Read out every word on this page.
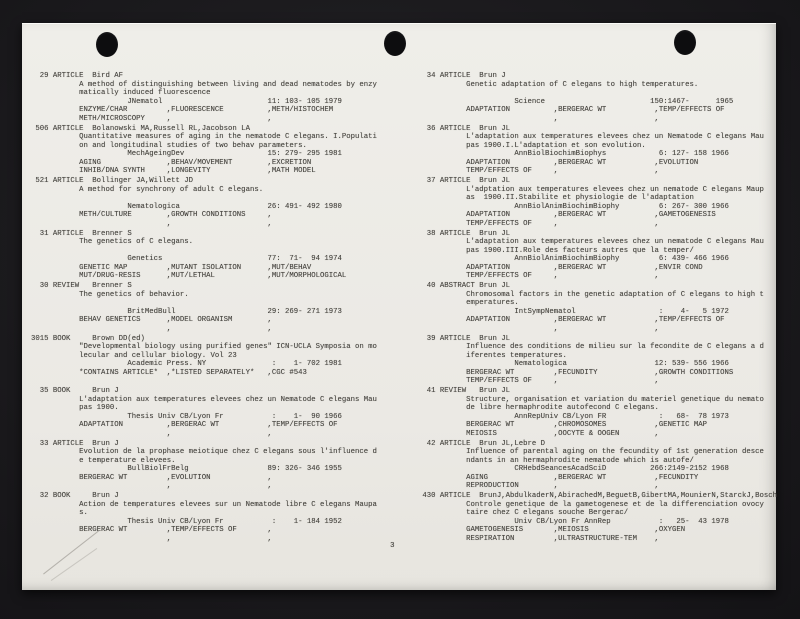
29 ARTICLE  Bird AF
A method of distinguishing between living and dead nematodes by enzy
matically induced fluorescence
JNematol                        11: 103- 105 1979
ENZYME/CHAR         ,FLUORESCENCE          ,METH/HISTOCHEM
METH/MICROSCOPY     ,                      ,
506 ARTICLE  Bolanowski MA,Russell RL,Jacobson LA
Quantitative measures of aging in the nematode C elegans. I.Populati
on and longitudinal studies of two behav parameters.
MechAgeingDev                   15: 279- 295 1981
AGING               ,BEHAV/MOVEMENT        ,EXCRETION
INHIB/DNA SYNTH     ,LONGEVITY             ,MATH MODEL
521 ARTICLE  Bollinger JA,Willett JD
A method for synchrony of adult C elegans.
Nematologica                    26: 491- 492 1980
METH/CULTURE        ,GROWTH CONDITIONS     ,
,                      ,
31 ARTICLE  Brenner S
The genetics of C elegans.
Genetics                        77:  71-  94 1974
GENETIC MAP         ,MUTANT ISOLATION      ,MUT/BEHAV
MUT/DRUG-RESIS      ,MUT/LETHAL            ,MUT/MORPHOLOGICAL
30 REVIEW   Brenner S
The genetics of behavior.
BritMedBull                     29: 269- 271 1973
BEHAV GENETICS      ,MODEL ORGANISM        ,
,                      ,
3015 BOOK     Brown DD(ed)
"Developmental biology using purified genes" ICN-UCLA Symposia on mo
lecular and cellular biology. Vol 23
Academic Press. NY               :    1- 702 1981
*CONTAINS ARTICLE*  ,*LISTED SEPARATELY*   ,CGC #543
35 BOOK     Brun J
L'adaptation aux temperatures elevees chez un Nematode C elegans Mau
pas 1900.
Thesis Univ CB/Lyon Fr           :    1-  90 1966
ADAPTATION          ,BERGERAC WT           ,TEMP/EFFECTS OF
,                      ,
33 ARTICLE  Brun J
Evolution de la prophase meiotique chez C elegans sous l'influence d
e temperature elevees.
BullBiolFrBelg                  89: 326- 346 1955
BERGERAC WT         ,EVOLUTION             ,
,                      ,
32 BOOK     Brun J
Action de temperatures elevees sur un Nematode libre C elegans Maupa
s.
Thesis Univ CB/Lyon Fr           :    1- 184 1952
BERGERAC WT         ,TEMP/EFFECTS OF       ,
,                      ,
34 ARTICLE  Brun J
Genetic adaptation of C elegans to high temperatures.
Science                        150:1467-      1965
ADAPTATION          ,BERGERAC WT           ,TEMP/EFFECTS OF
,                      ,
36 ARTICLE  Brun JL
L'adaptation aux temperatures elevees chez un Nematode C elegans Mau
pas 1900.I.L'adaptation et son evolution.
AnnBiolBiochimBiophys            6: 127- 158 1966
ADAPTATION          ,BERGERAC WT           ,EVOLUTION
TEMP/EFFECTS OF     ,                      ,
37 ARTICLE  Brun JL
L'adptation aux temperatures elevees chez un nematode C elegans Maup
as  1900.II.Stabilite et physiologie de l'adaptation
AnnBiolAnimBiochimBiophy         6: 267- 300 1966
ADAPTATION          ,BERGERAC WT           ,GAMETOGENESIS
TEMP/EFFECTS OF     ,                      ,
38 ARTICLE  Brun JL
L'adaptation aux temperatures elevees chez un nematode C elegans Mau
pas 1900.III.Role des facteurs autres que la temper/
AnnBiolAnimBiochimBiophy         6: 439- 466 1966
ADAPTATION          ,BERGERAC WT           ,ENVIR COND
TEMP/EFFECTS OF     ,                      ,
40 ABSTRACT Brun JL
Chromosomal factors in the genetic adaptation of C elegans to high t
emperatures.
IntSympNematol                   :    4-   5 1972
ADAPTATION          ,BERGERAC WT           ,TEMP/EFFECTS OF
,                      ,
39 ARTICLE  Brun JL
Influence des conditions de milieu sur la fecondite de C elegans a d
iferentes temperatures.
Nematologica                    12: 539- 556 1966
BERGERAC WT         ,FECUNDITY             ,GROWTH CONDITIONS
TEMP/EFFECTS OF     ,                      ,
41 REVIEW   Brun JL
Structure, organisation et variation du materiel genetique du nemato
de libre hermaphrodite autofecond C elegans.
AnnRepUniv CB/Lyon FR            :   68-  78 1973
BERGERAC WT         ,CHROMOSOMES           ,GENETIC MAP
MEIOSIS             ,OOCYTE & OOGEN        ,
42 ARTICLE  Brun JL,Lebre D
Influence of parental aging on the fecundity of 1st generation desce
ndants in an hermaphrodite nematode which is autofe/
CRHebdSeancesAcadSciD          266:2149-2152 1968
AGING               ,BERGERAC WT           ,FECUNDITY
REPRODUCTION        ,                      ,
430 ARTICLE  BrunJ,AbdulkaderN,AbirachedM,BeguetB,GibertMA,MounierN,StarckJ,Bosch
Controle genetique de la gametogenese et de la differenciation ovocy
taire chez C elegans souche Bergerac/
Univ CB/Lyon Fr AnnRep           :   25-  43 1978
GAMETOGENESIS       ,MEIOSIS               ,OXYGEN
RESPIRATION         ,ULTRASTRUCTURE-TEM    ,
3
